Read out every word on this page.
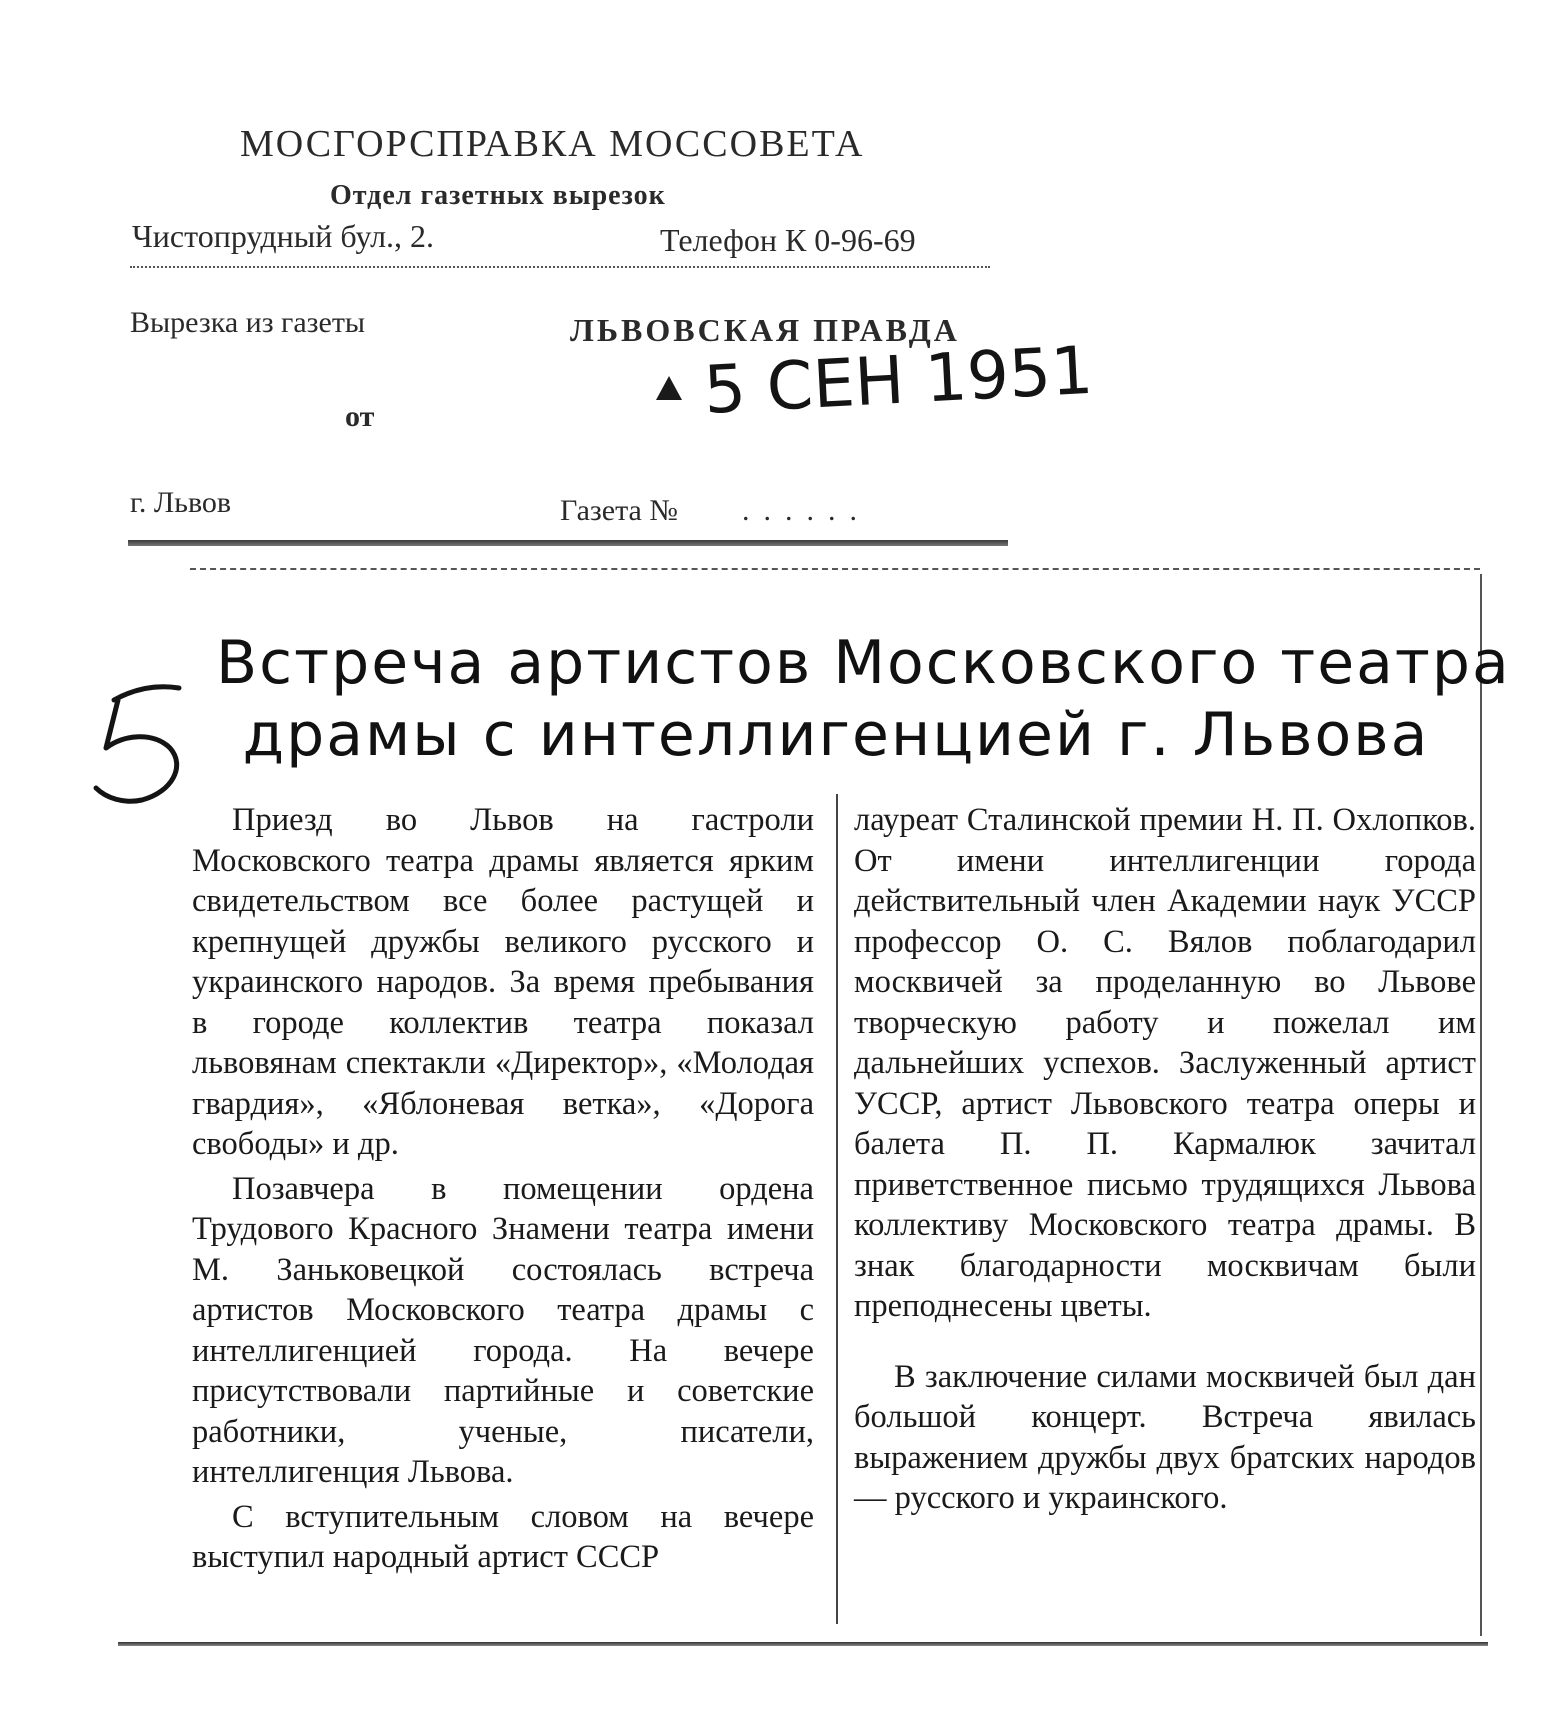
МОСГОРСПРАВКА МОССОВЕТА
Отдел газетных вырезок
Чистопрудный бул., 2.	Телефон К 0-96-69
Вырезка из газеты	ЛЬВОВСКАЯ ПРАВДА
5 СЕН 1951
от
г. Львов	Газета № ......
Встреча артистов Московского театра
драмы с интеллигенцией г. Львова

Приезд во Львов на гастроли Московского театра драмы является ярким свидетельством все более растущей и крепнущей дружбы великого русского и украинского народов. За время пребывания в городе коллектив театра показал львовянам спектакли «Директор», «Молодая гвардия», «Яблоневая ветка», «Дорога свободы» и др.

Позавчера в помещении ордена Трудового Красного Знамени театра имени М. Заньковецкой состоялась встреча артистов Московского театра драмы с интеллигенцией города. На вечере присутствовали партийные и советские работники, ученые, писатели, интеллигенция Львова.

С вступительным словом на вечере выступил народный артист СССР

лауреат Сталинской премии Н. П. Охлопков. От имени интеллигенции города действительный член Академии наук УССР профессор О. С. Вялов поблагодарил москвичей за проделанную во Львове творческую работу и пожелал им дальнейших успехов. Заслуженный артист УССР, артист Львовского театра оперы и балета П. П. Кармалюк зачитал приветственное письмо трудящихся Львова коллективу Московского театра драмы. В знак благодарности москвичам были преподнесены цветы.

В заключение силами москвичей был дан большой концерт. Встреча явилась выражением дружбы двух братских народов — русского и украинского.
